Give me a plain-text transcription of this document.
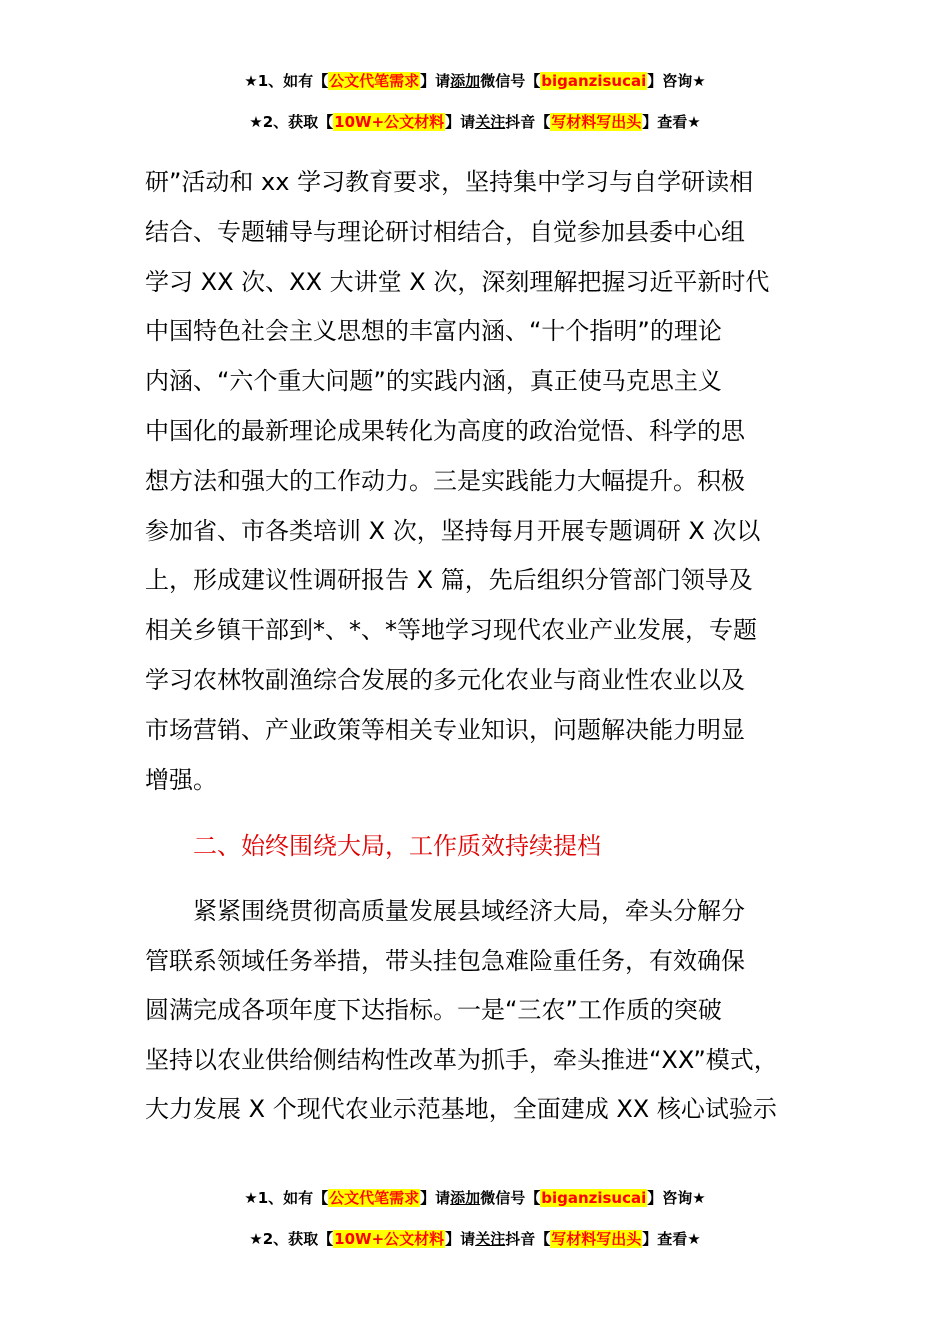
★1、如有【公文代笔需求】请添加微信号【biganzisucai】咨询★
★2、获取【10W+公文材料】请关注抖音【写材料写出头】查看★
研”活动和 xx 学习教育要求，坚持集中学习与自学研读相
结合、专题辅导与理论研讨相结合，自觉参加县委中心组
学习 XX 次、XX 大讲堂 X 次，深刻理解把握习近平新时代
中国特色社会主义思想的丰富内涵、“十个指明”的理论
内涵、“六个重大问题”的实践内涵，真正使马克思主义
中国化的最新理论成果转化为高度的政治觉悟、科学的思
想方法和强大的工作动力。三是实践能力大幅提升。积极
参加省、市各类培训 X 次，坚持每月开展专题调研 X 次以
上，形成建议性调研报告 X 篇，先后组织分管部门领导及
相关乡镇干部到*、*、*等地学习现代农业产业发展，专题
学习农林牧副渔综合发展的多元化农业与商业性农业以及
市场营销、产业政策等相关专业知识，问题解决能力明显
增强。
二、始终围绕大局，工作质效持续提档
紧紧围绕贯彻高质量发展县域经济大局，牵头分解分
管联系领域任务举措，带头挂包急难险重任务，有效确保
圆满完成各项年度下达指标。一是“三农”工作质的突破
坚持以农业供给侧结构性改革为抓手，牵头推进“XX”模式，
大力发展 X 个现代农业示范基地，全面建成 XX 核心试验示
★1、如有【公文代笔需求】请添加微信号【biganzisucai】咨询★
★2、获取【10W+公文材料】请关注抖音【写材料写出头】查看★
